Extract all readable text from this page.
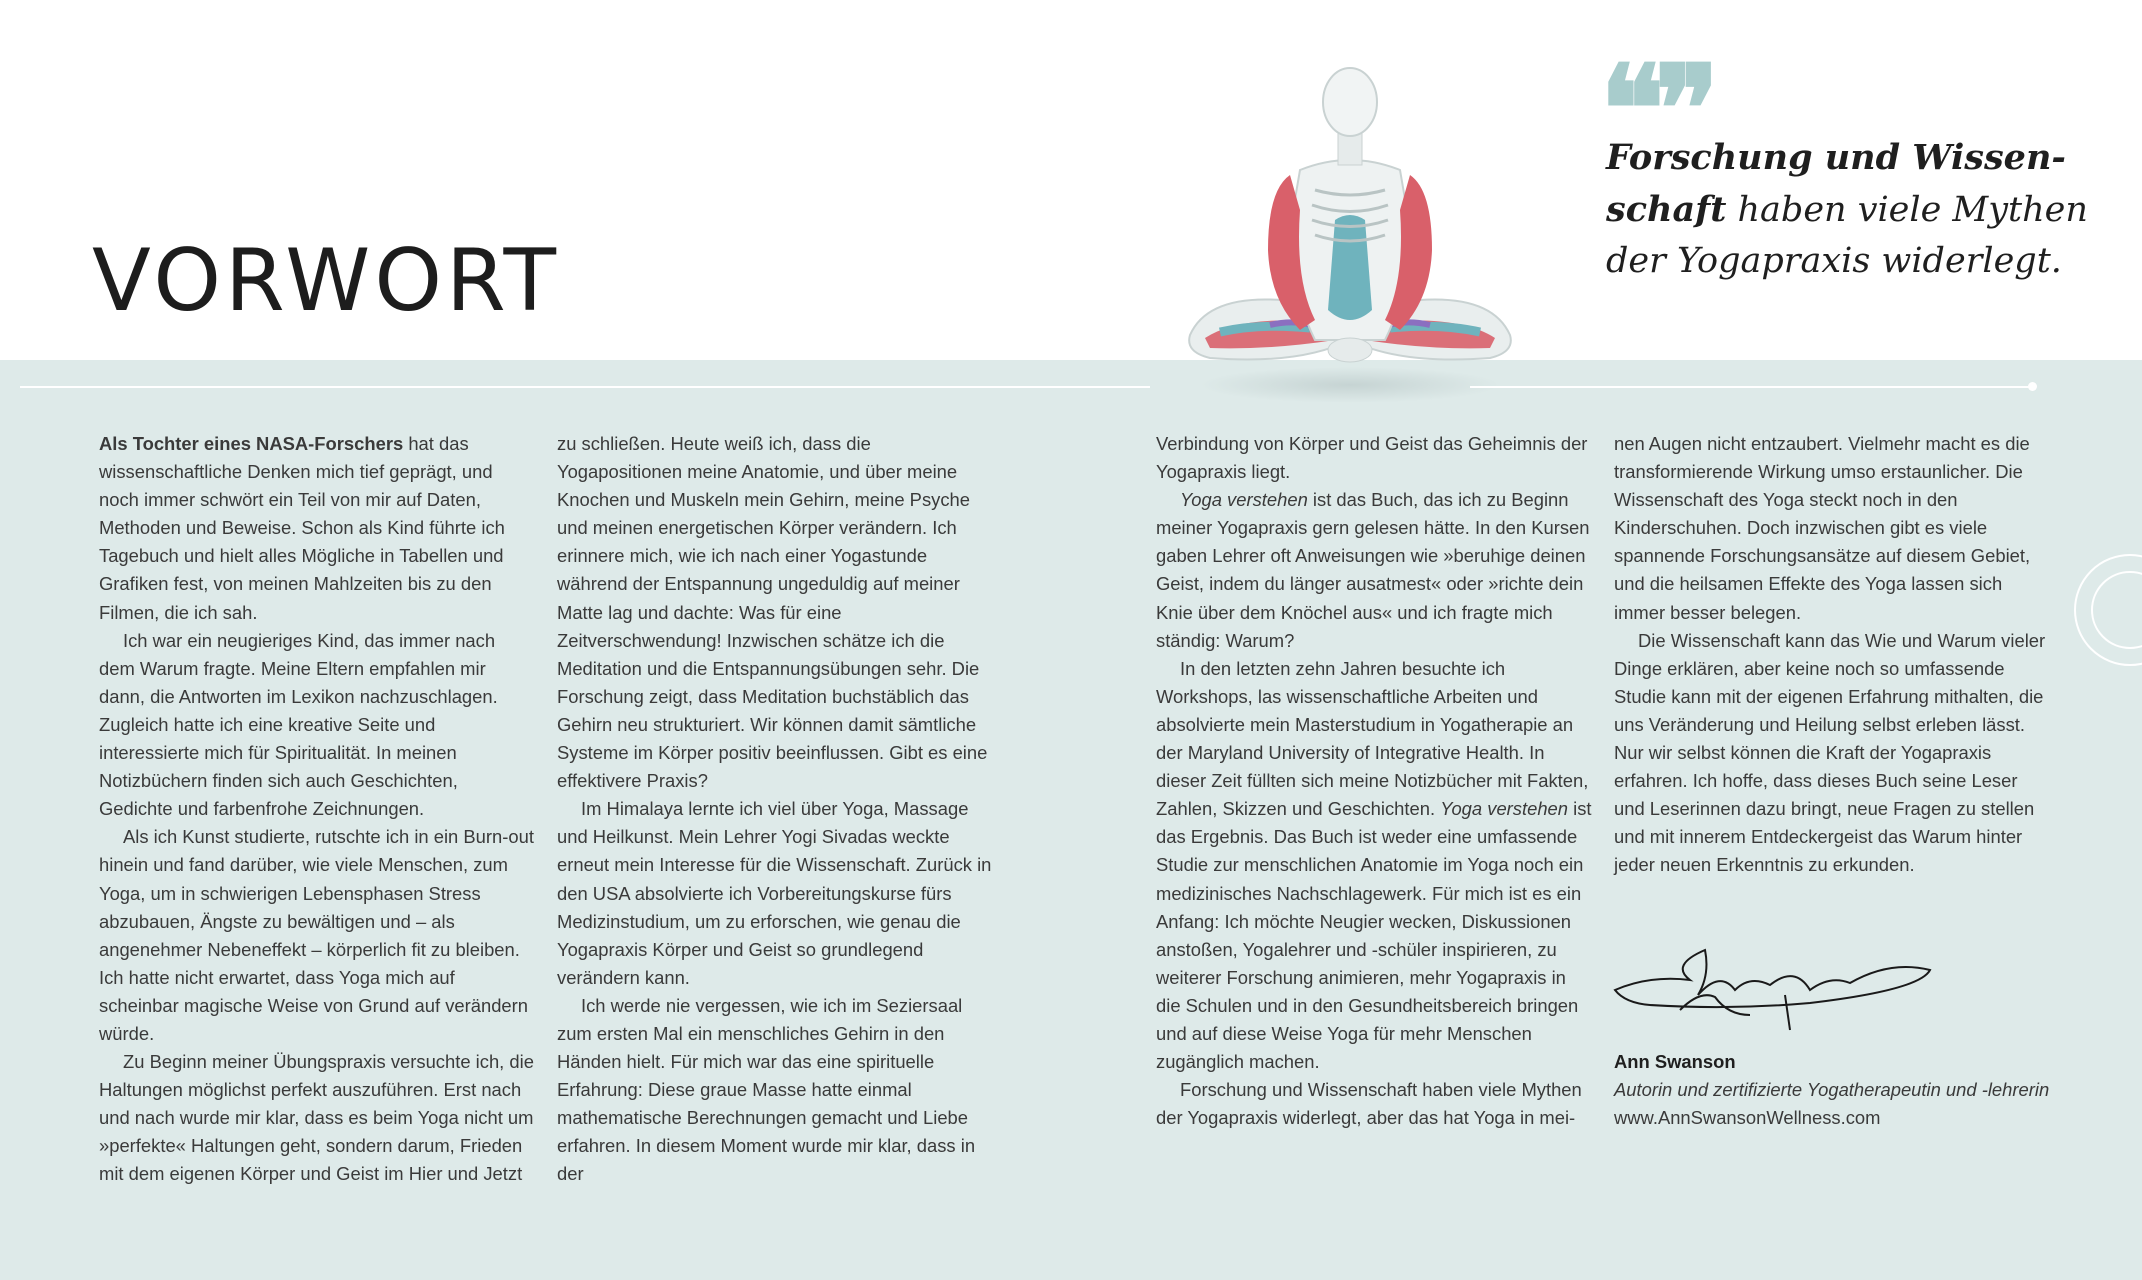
VORWORT
❝❞

Forschung und Wissen-schaft haben viele Mythen der Yogapraxis widerlegt.

Als Tochter eines NASA-Forschers hat das wissenschaftliche Denken mich tief geprägt, und noch immer schwört ein Teil von mir auf Daten, Methoden und Beweise. Schon als Kind führte ich Tagebuch und hielt alles Mögliche in Tabellen und Grafiken fest, von meinen Mahlzeiten bis zu den Filmen, die ich sah.

Ich war ein neugieriges Kind, das immer nach dem Warum fragte. Meine Eltern empfahlen mir dann, die Antworten im Lexikon nachzuschlagen. Zugleich hatte ich eine kreative Seite und interessierte mich für Spiritualität. In meinen Notizbüchern finden sich auch Geschichten, Gedichte und farbenfrohe Zeichnungen.

Als ich Kunst studierte, rutschte ich in ein Burn-out hinein und fand darüber, wie viele Menschen, zum Yoga, um in schwierigen Lebensphasen Stress abzubauen, Ängste zu bewältigen und – als angenehmer Nebeneffekt – körperlich fit zu bleiben. Ich hatte nicht erwartet, dass Yoga mich auf scheinbar magische Weise von Grund auf verändern würde.

Zu Beginn meiner Übungspraxis versuchte ich, die Haltungen möglichst perfekt auszuführen. Erst nach und nach wurde mir klar, dass es beim Yoga nicht um »perfekte« Haltungen geht, sondern darum, Frieden mit dem eigenen Körper und Geist im Hier und Jetzt

zu schließen. Heute weiß ich, dass die Yogapositionen meine Anatomie, und über meine Knochen und Muskeln mein Gehirn, meine Psyche und meinen energetischen Körper verändern. Ich erinnere mich, wie ich nach einer Yogastunde während der Entspannung ungeduldig auf meiner Matte lag und dachte: Was für eine Zeitverschwendung! Inzwischen schätze ich die Meditation und die Entspannungsübungen sehr. Die Forschung zeigt, dass Meditation buchstäblich das Gehirn neu strukturiert. Wir können damit sämtliche Systeme im Körper positiv beeinflussen. Gibt es eine effektivere Praxis?

Im Himalaya lernte ich viel über Yoga, Massage und Heilkunst. Mein Lehrer Yogi Sivadas weckte erneut mein Interesse für die Wissenschaft. Zurück in den USA absolvierte ich Vorbereitungskurse fürs Medizinstudium, um zu erforschen, wie genau die Yogapraxis Körper und Geist so grundlegend verändern kann.

Ich werde nie vergessen, wie ich im Seziersaal zum ersten Mal ein menschliches Gehirn in den Händen hielt. Für mich war das eine spirituelle Erfahrung: Diese graue Masse hatte einmal mathematische Berechnungen gemacht und Liebe erfahren. In diesem Moment wurde mir klar, dass in der

Verbindung von Körper und Geist das Geheimnis der Yogapraxis liegt.

Yoga verstehen ist das Buch, das ich zu Beginn meiner Yogapraxis gern gelesen hätte. In den Kursen gaben Lehrer oft Anweisungen wie »beruhige deinen Geist, indem du länger ausatmest« oder »richte dein Knie über dem Knöchel aus« und ich fragte mich ständig: Warum?

In den letzten zehn Jahren besuchte ich Workshops, las wissenschaftliche Arbeiten und absolvierte mein Masterstudium in Yogatherapie an der Maryland University of Integrative Health. In dieser Zeit füllten sich meine Notizbücher mit Fakten, Zahlen, Skizzen und Geschichten. Yoga verstehen ist das Ergebnis. Das Buch ist weder eine umfassende Studie zur menschlichen Anatomie im Yoga noch ein medizinisches Nachschlagewerk. Für mich ist es ein Anfang: Ich möchte Neugier wecken, Diskussionen anstoßen, Yogalehrer und -schüler inspirieren, zu weiterer Forschung animieren, mehr Yogapraxis in die Schulen und in den Gesundheitsbereich bringen und auf diese Weise Yoga für mehr Menschen zugänglich machen.

Forschung und Wissenschaft haben viele Mythen der Yogapraxis widerlegt, aber das hat Yoga in mei-

nen Augen nicht entzaubert. Vielmehr macht es die transformierende Wirkung umso erstaunlicher. Die Wissenschaft des Yoga steckt noch in den Kinderschuhen. Doch inzwischen gibt es viele spannende Forschungsansätze auf diesem Gebiet, und die heilsamen Effekte des Yoga lassen sich immer besser belegen.

Die Wissenschaft kann das Wie und Warum vieler Dinge erklären, aber keine noch so umfassende Studie kann mit der eigenen Erfahrung mithalten, die uns Veränderung und Heilung selbst erleben lässt. Nur wir selbst können die Kraft der Yogapraxis erfahren. Ich hoffe, dass dieses Buch seine Leser und Leserinnen dazu bringt, neue Fragen zu stellen und mit innerem Entdeckergeist das Warum hinter jeder neuen Erkenntnis zu erkunden.

Ann Swanson
Autorin und zertifizierte Yogatherapeutin und -lehrerin
www.AnnSwansonWellness.com
